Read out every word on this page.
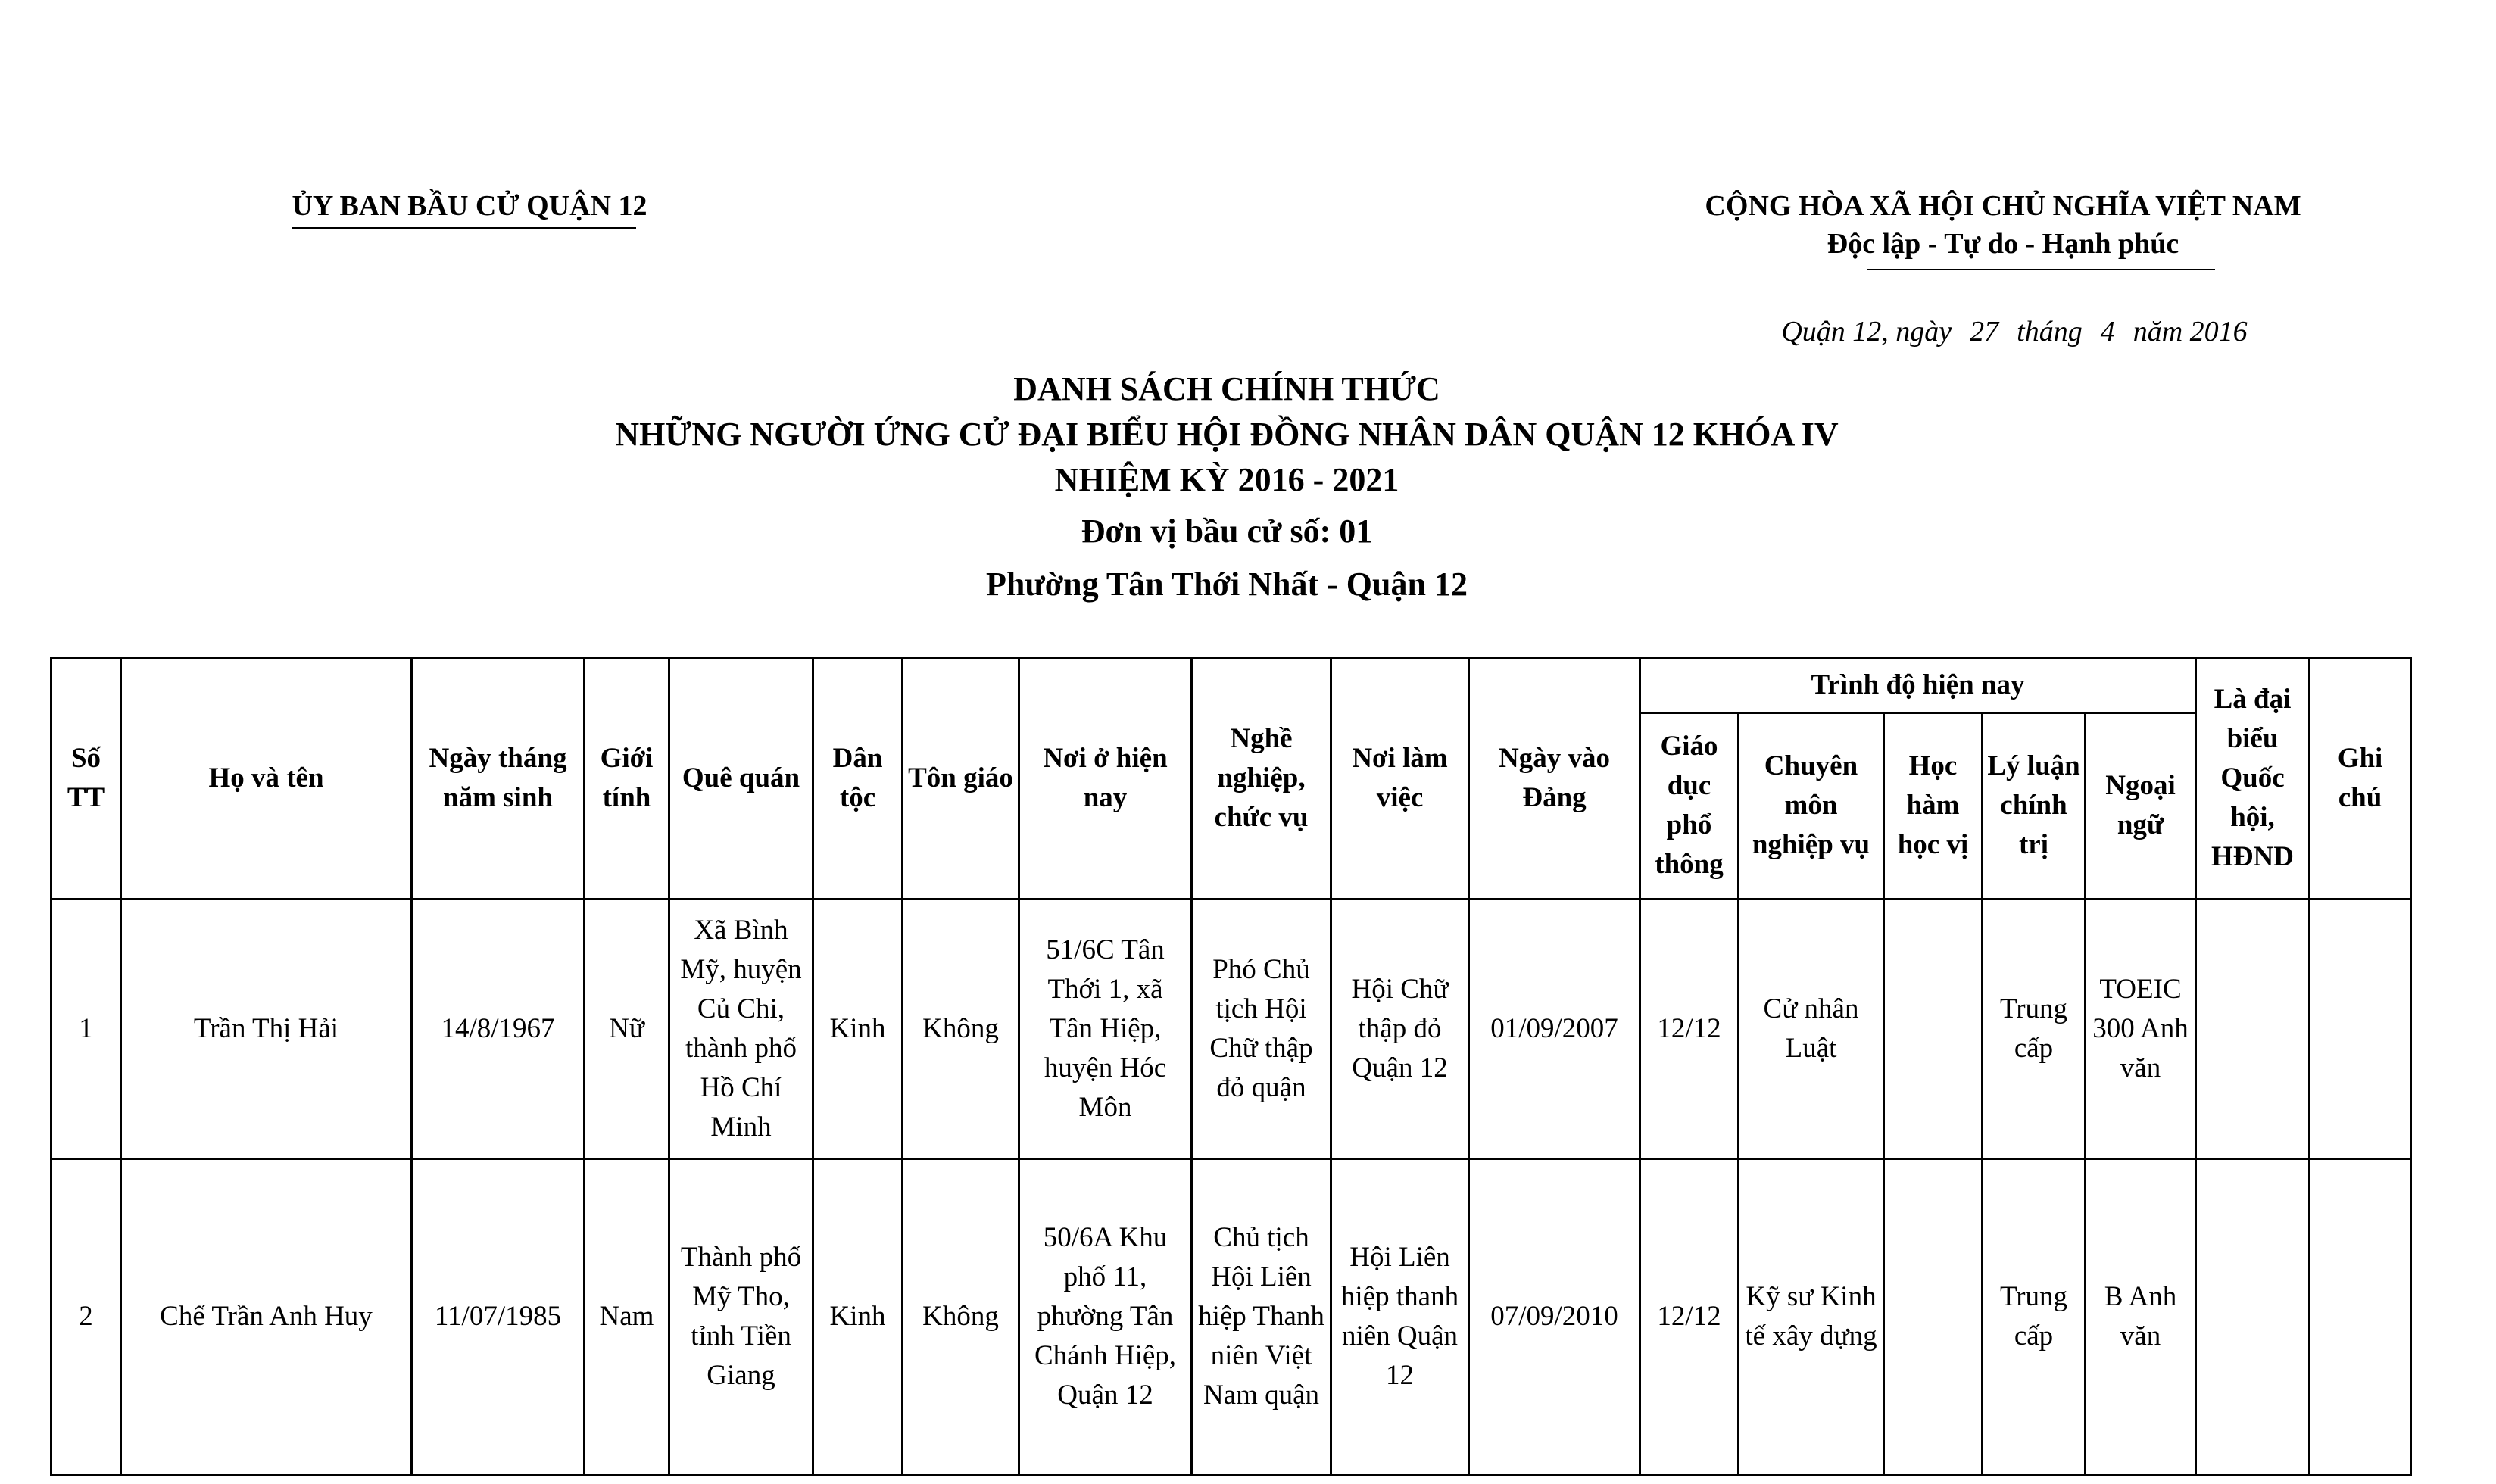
ỦY BAN BẦU CỬ QUẬN 12	CỘNG HÒA XÃ HỘI CHỦ NGHĨA VIỆT NAM
Độc lập - Tự do - Hạnh phúc
Quận 12, ngày 27 tháng 4 năm 2016
DANH SÁCH CHÍNH THỨC
NHỮNG NGƯỜI ỨNG CỬ ĐẠI BIỂU HỘI ĐỒNG NHÂN DÂN QUẬN 12 KHÓA IV
NHIỆM KỲ 2016 - 2021
Đơn vị bầu cử số: 01
Phường Tân Thới Nhất - Quận 12
Số TT	Họ và tên	Ngày tháng năm sinh	Giới tính	Quê quán	Dân tộc	Tôn giáo	Nơi ở hiện nay	Nghề nghiệp, chức vụ	Nơi làm việc	Ngày vào Đảng	Trình độ hiện nay					Là đại biểu Quốc hội, HĐND	Ghi chú
											Giáo dục phổ thông	Chuyên môn nghiệp vụ	Học hàm học vị	Lý luận chính trị	Ngoại ngữ		
1	Trần Thị Hải	14/8/1967	Nữ	Xã Bình Mỹ, huyện Củ Chi, thành phố Hồ Chí Minh	Kinh	Không	51/6C Tân Thới 1, xã Tân Hiệp, huyện Hóc Môn	Phó Chủ tịch Hội Chữ thập đỏ quận	Hội Chữ thập đỏ Quận 12	01/09/2007	12/12	Cử nhân Luật		Trung cấp	TOEIC 300 Anh văn		
2	Chế Trần Anh Huy	11/07/1985	Nam	Thành phố Mỹ Tho, tỉnh Tiền Giang	Kinh	Không	50/6A Khu phố 11, phường Tân Chánh Hiệp, Quận 12	Chủ tịch Hội Liên hiệp Thanh niên Việt Nam quận	Hội Liên hiệp thanh niên Quận 12	07/09/2010	12/12	Kỹ sư Kinh tế xây dựng		Trung cấp	B Anh văn		
